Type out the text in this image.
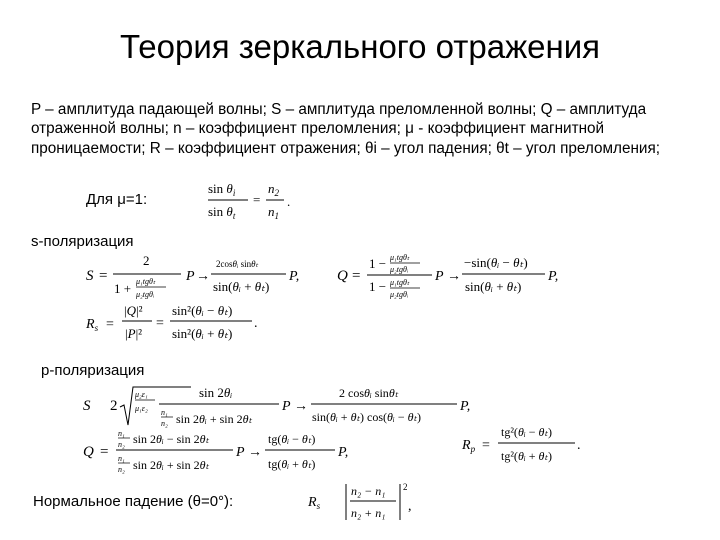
Теория зеркального отражения
P – амплитуда падающей волны; S – амплитуда преломленной волны; Q – амплитуда отраженной волны; n – коэффициент преломления; μ - коэффициент магнитной проницаемости; R – коэффициент отражения; θi – угол падения; θt – угол преломления;
Для μ=1:
$\sin \theta_i$
$\sin \theta_t$
=
$n_2$
$n_1$
.
s-поляризация
S =
2
1 + μ₁tgθₜ
μ₂tgθᵢ
P →
2cosθᵢ sinθₜ
sin(θᵢ + θₜ)
P,	Q =
1 − μ₁tgθₜ
μ₂tgθᵢ
1 − μ₁tgθₜ
μ₂tgθᵢ
P →
−sin(θᵢ − θₜ)
sin(θᵢ + θₜ)
P,
$R_s$ =
|Q|²
|P|²
=
sin²(θᵢ − θₜ)
sin²(θᵢ + θₜ)
.
p-поляризация
S 2
μ₂ε₁
μ₁ε₂
sin 2θᵢ
n₁
n₂ sin 2θᵢ + sin 2θₜ
P →
2 cosθᵢ sinθₜ
sin(θᵢ + θₜ) cos(θᵢ − θₜ)
P,
Q =
n₁
n₂ sin 2θᵢ − sin 2θₜ
n₁
n₂ sin 2θᵢ + sin 2θₜ
P →
tg(θᵢ − θₜ)
tg(θᵢ + θₜ)
P,	$R_p$ =
tg²(θᵢ − θₜ)
tg²(θᵢ + θₜ)
.
Нормальное падение (θ=0°):	$R_s$
n₂ − n₁
n₂ + n₁
2
,
